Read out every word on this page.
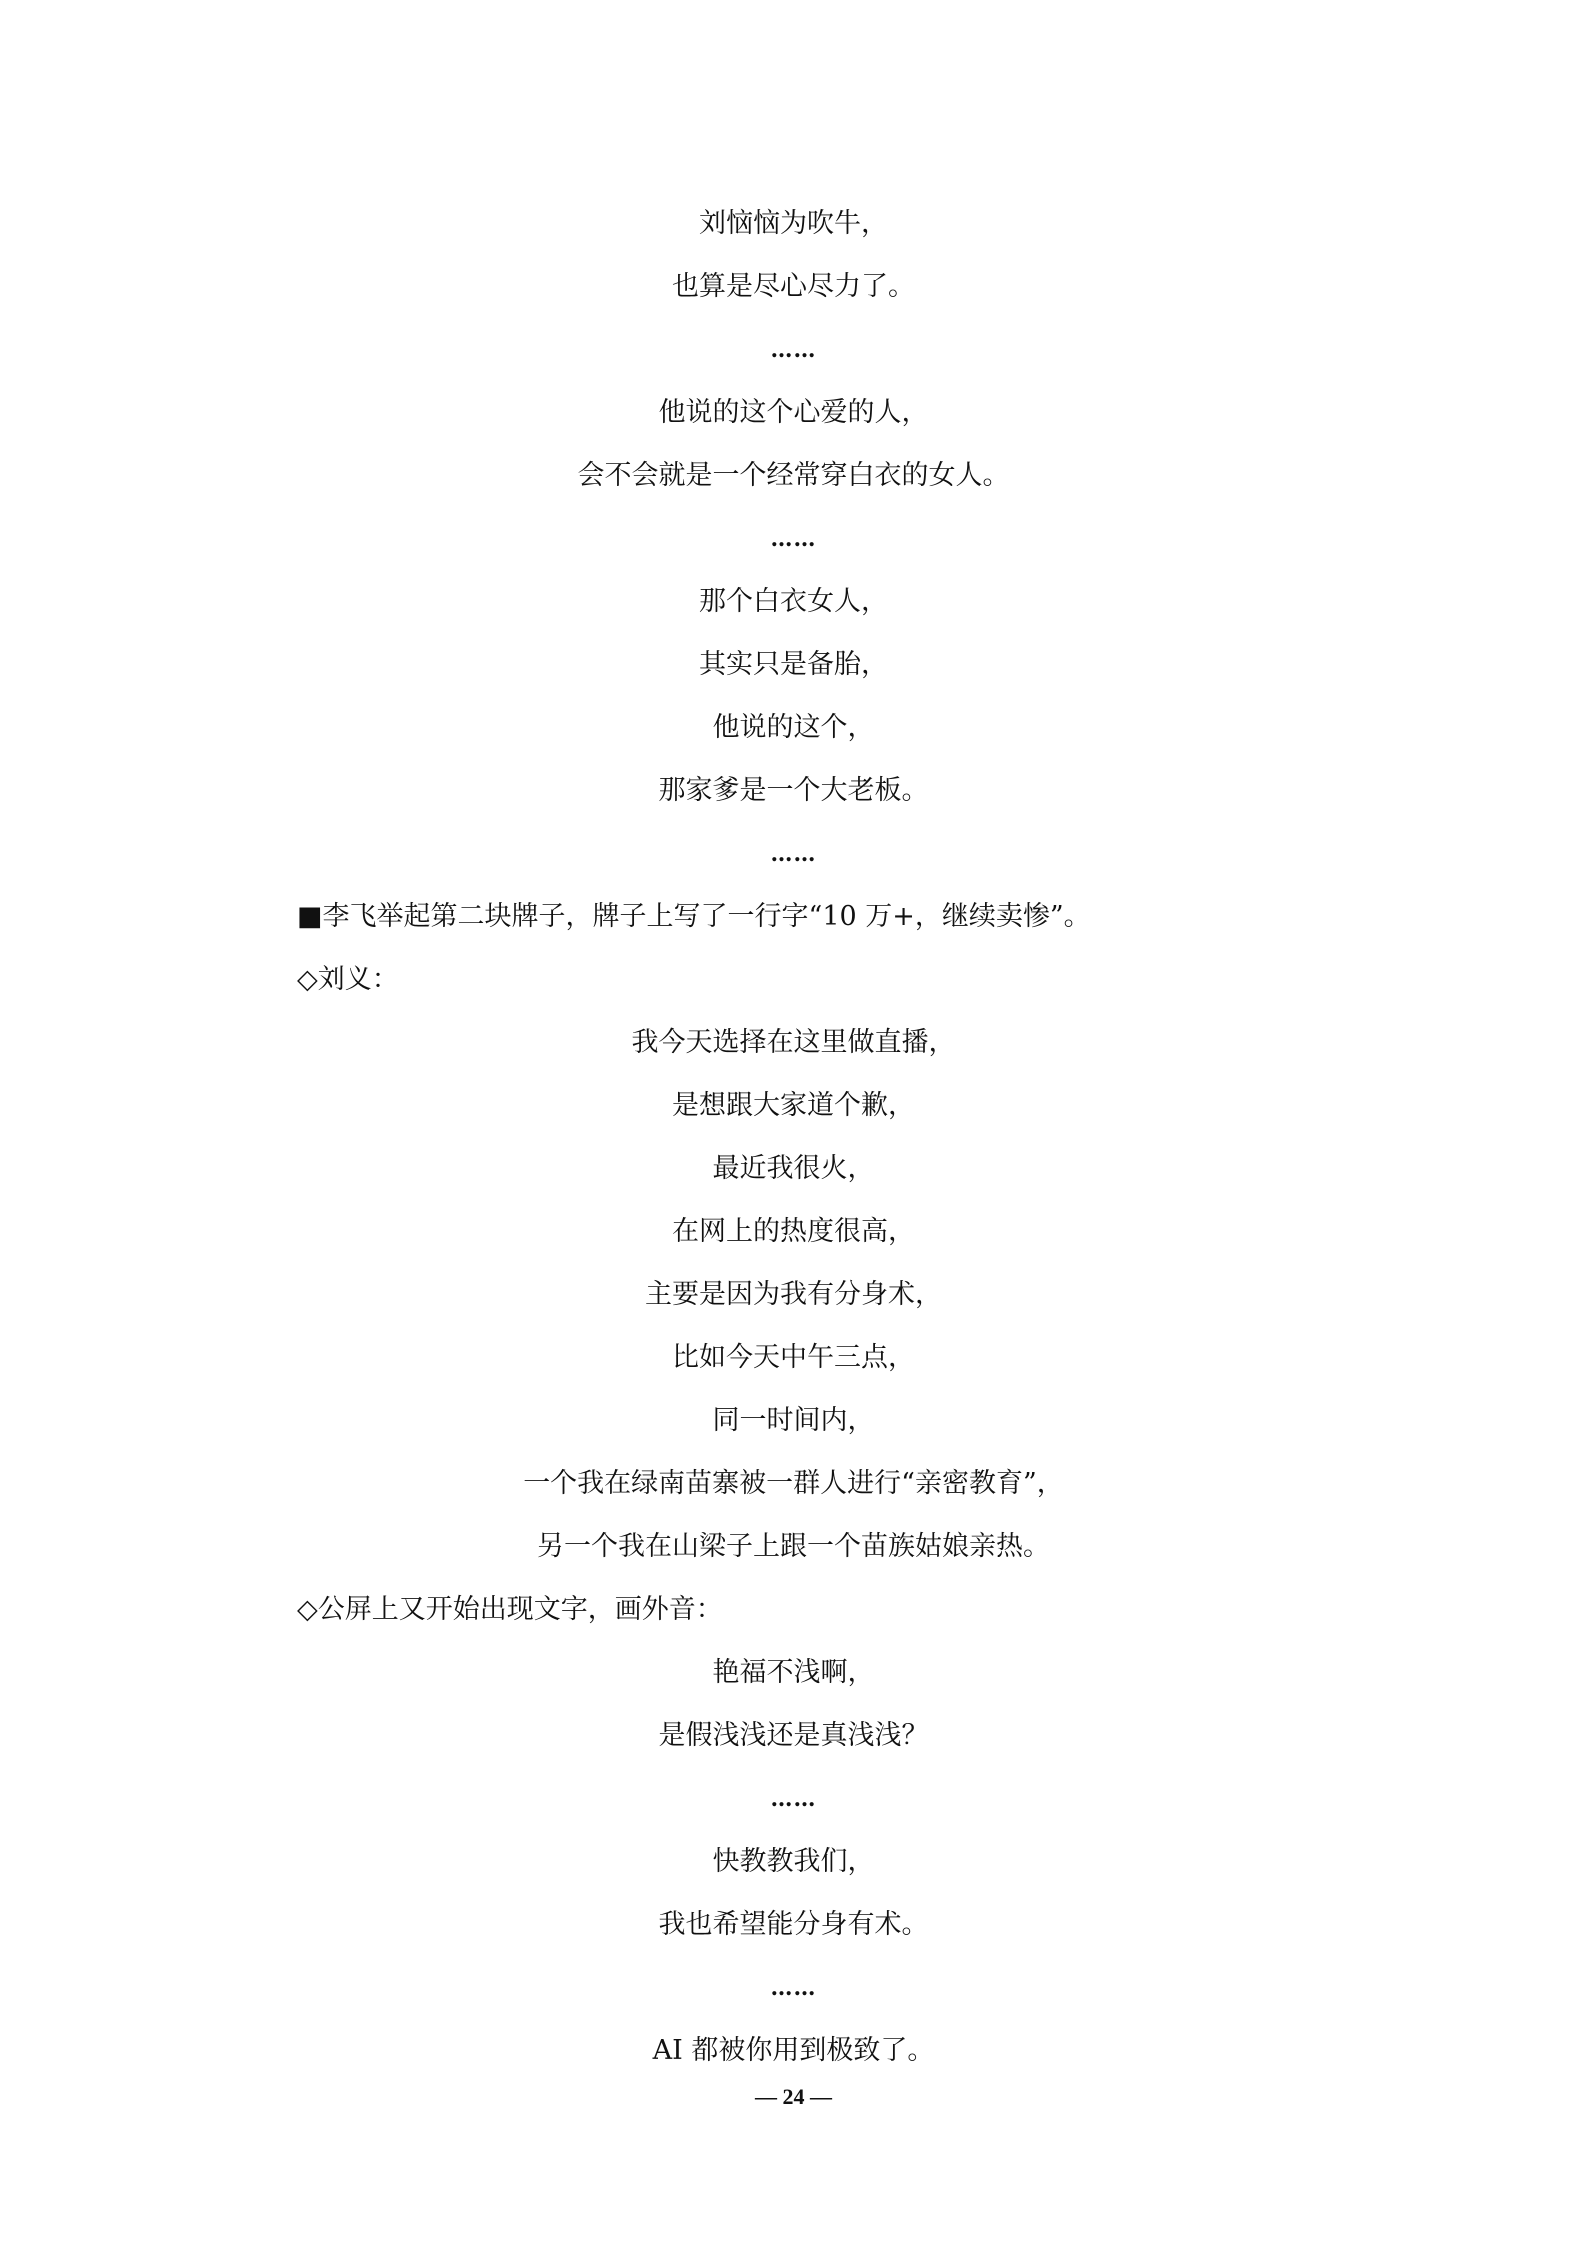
刘恼恼为吹牛，
也算是尽心尽力了。
……
他说的这个心爱的人，
会不会就是一个经常穿白衣的女人。
……
那个白衣女人，
其实只是备胎，
他说的这个，
那家爹是一个大老板。
……
■李飞举起第二块牌子，牌子上写了一行字“10 万+，继续卖惨”。
◇刘义：
我今天选择在这里做直播，
是想跟大家道个歉，
最近我很火，
在网上的热度很高，
主要是因为我有分身术，
比如今天中午三点，
同一时间内，
一个我在绿南苗寨被一群人进行“亲密教育”，
另一个我在山梁子上跟一个苗族姑娘亲热。
◇公屏上又开始出现文字，画外音：
艳福不浅啊，
是假浅浅还是真浅浅？
……
快教教我们，
我也希望能分身有术。
……
AI 都被你用到极致了。
— 24 —
